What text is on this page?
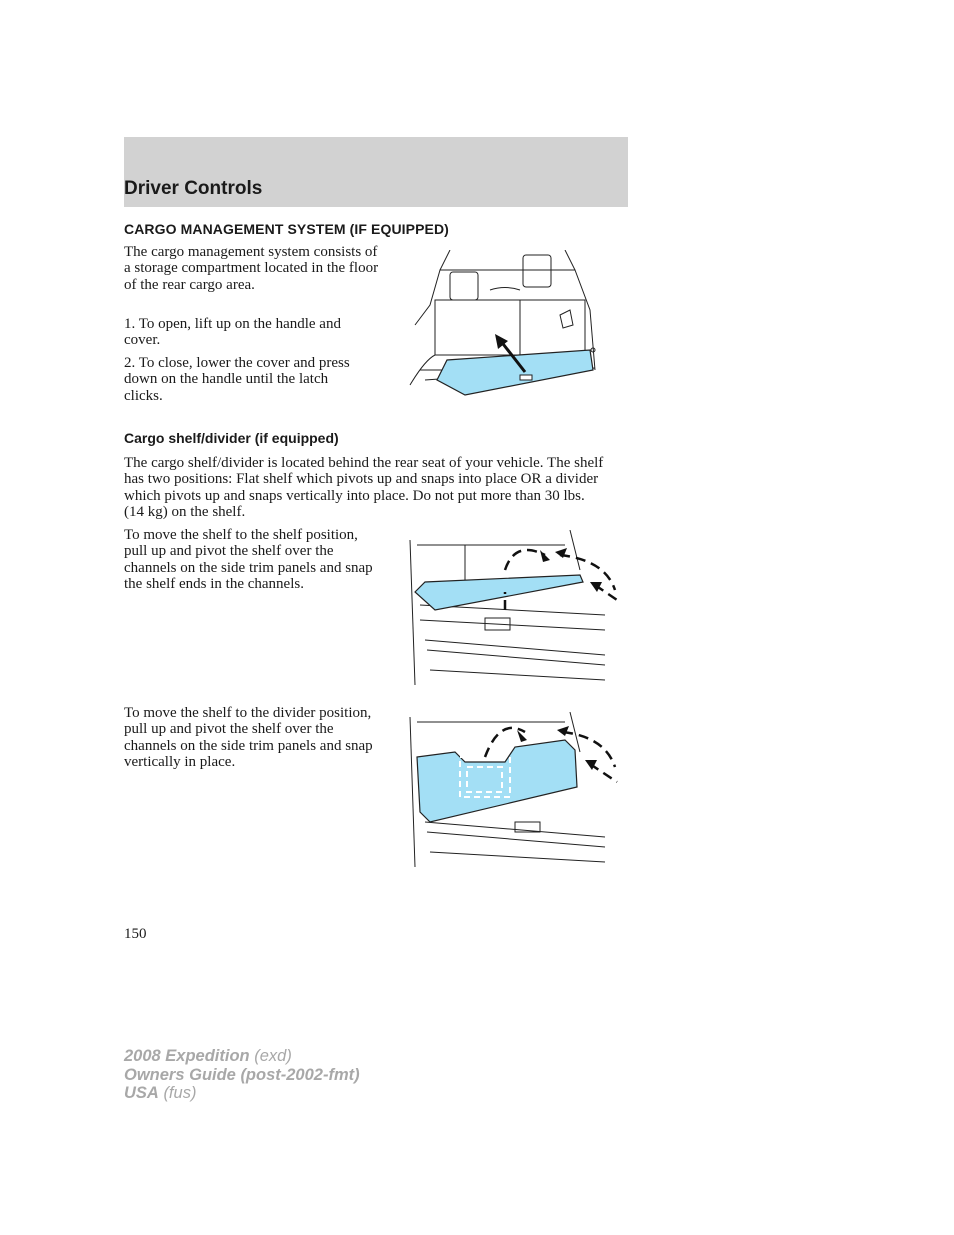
Driver Controls
CARGO MANAGEMENT SYSTEM (IF EQUIPPED)

The cargo management system consists of a storage compartment located in the floor of the rear cargo area.

1. To open, lift up on the handle and cover.

2. To close, lower the cover and press down on the handle until the latch clicks.

Cargo shelf/divider (if equipped)

The cargo shelf/divider is located behind the rear seat of your vehicle. The shelf has two positions: Flat shelf which pivots up and snaps into place OR a divider which pivots up and snaps vertically into place. Do not put more than 30 lbs. (14 kg) on the shelf.

To move the shelf to the shelf position, pull up and pivot the shelf over the channels on the side trim panels and snap the shelf ends in the channels.

To move the shelf to the divider position, pull up and pivot the shelf over the channels on the side trim panels and snap vertically in place.

150
2008 Expedition (exd)
Owners Guide (post-2002-fmt)
USA (fus)
